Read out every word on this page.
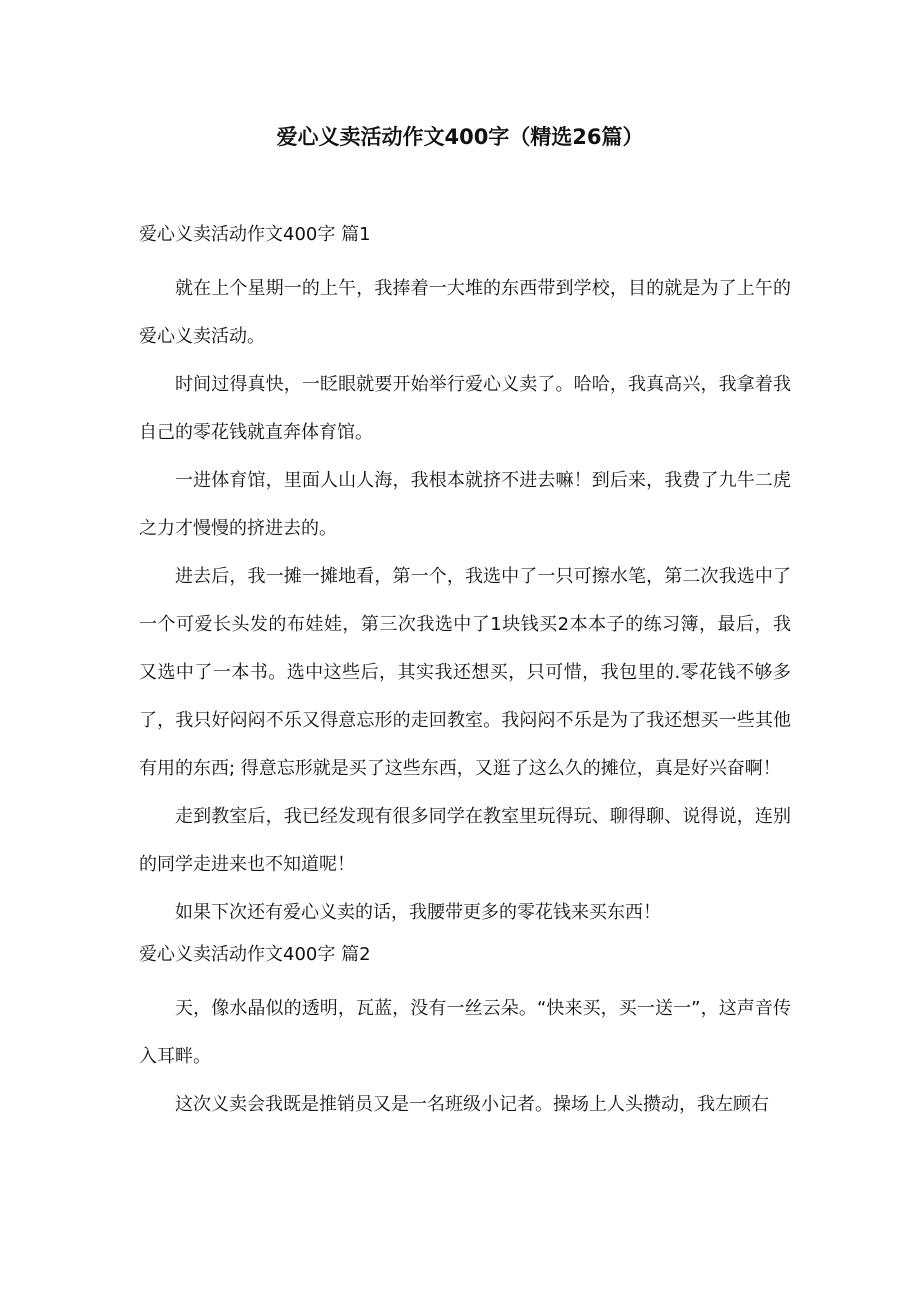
爱心义卖活动作文400字（精选26篇）
爱心义卖活动作文400字 篇1

就在上个星期一的上午，我捧着一大堆的东西带到学校，目的就是为了上午的爱心义卖活动。

时间过得真快，一眨眼就要开始举行爱心义卖了。哈哈，我真高兴，我拿着我自己的零花钱就直奔体育馆。

一进体育馆，里面人山人海，我根本就挤不进去嘛！到后来，我费了九牛二虎之力才慢慢的挤进去的。

进去后，我一摊一摊地看，第一个，我选中了一只可擦水笔，第二次我选中了一个可爱长头发的布娃娃，第三次我选中了1块钱买2本本子的练习簿，最后，我又选中了一本书。选中这些后，其实我还想买，只可惜，我包里的.零花钱不够多了，我只好闷闷不乐又得意忘形的走回教室。我闷闷不乐是为了我还想买一些其他有用的东西; 得意忘形就是买了这些东西，又逛了这么久的摊位，真是好兴奋啊！

走到教室后，我已经发现有很多同学在教室里玩得玩、聊得聊、说得说，连别的同学走进来也不知道呢！

如果下次还有爱心义卖的话，我腰带更多的零花钱来买东西！

爱心义卖活动作文400字 篇2

天，像水晶似的透明，瓦蓝，没有一丝云朵。“快来买，买一送一”，这声音传入耳畔。

这次义卖会我既是推销员又是一名班级小记者。操场上人头攒动，我左顾右
